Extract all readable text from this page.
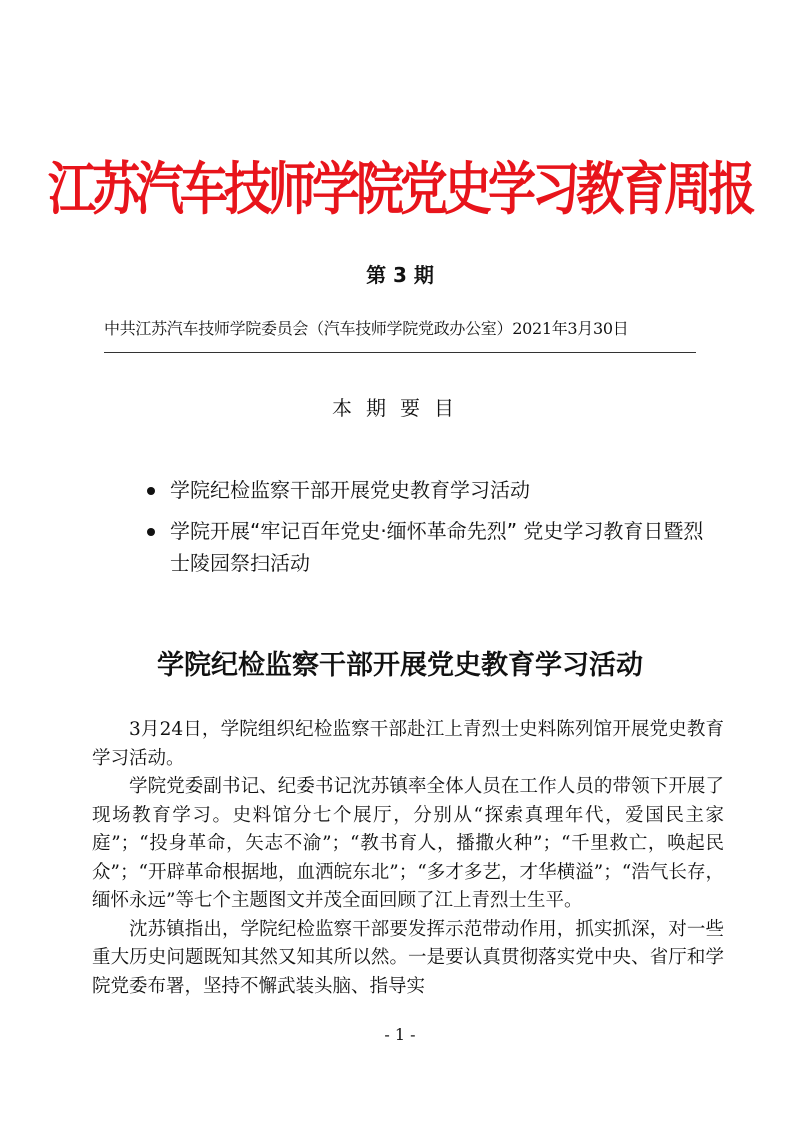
江苏汽车技师学院党史学习教育周报
第 3 期
中共江苏汽车技师学院委员会（汽车技师学院党政办公室）2021年3月30日
本期要目
学院纪检监察干部开展党史教育学习活动
学院开展“牢记百年党史·缅怀革命先烈” 党史学习教育日暨烈士陵园祭扫活动
学院纪检监察干部开展党史教育学习活动

3月24日，学院组织纪检监察干部赴江上青烈士史料陈列馆开展党史教育学习活动。

学院党委副书记、纪委书记沈苏镇率全体人员在工作人员的带领下开展了现场教育学习。史料馆分七个展厅，分别从“探索真理年代，爱国民主家庭”；“投身革命，矢志不渝”；“教书育人，播撒火种”；“千里救亡，唤起民众”；“开辟革命根据地，血洒皖东北”；“多才多艺，才华横溢”；“浩气长存，缅怀永远”等七个主题图文并茂全面回顾了江上青烈士生平。

沈苏镇指出，学院纪检监察干部要发挥示范带动作用，抓实抓深，对一些重大历史问题既知其然又知其所以然。一是要认真贯彻落实党中央、省厅和学院党委布署，坚持不懈武装头脑、指导实

- 1 -
